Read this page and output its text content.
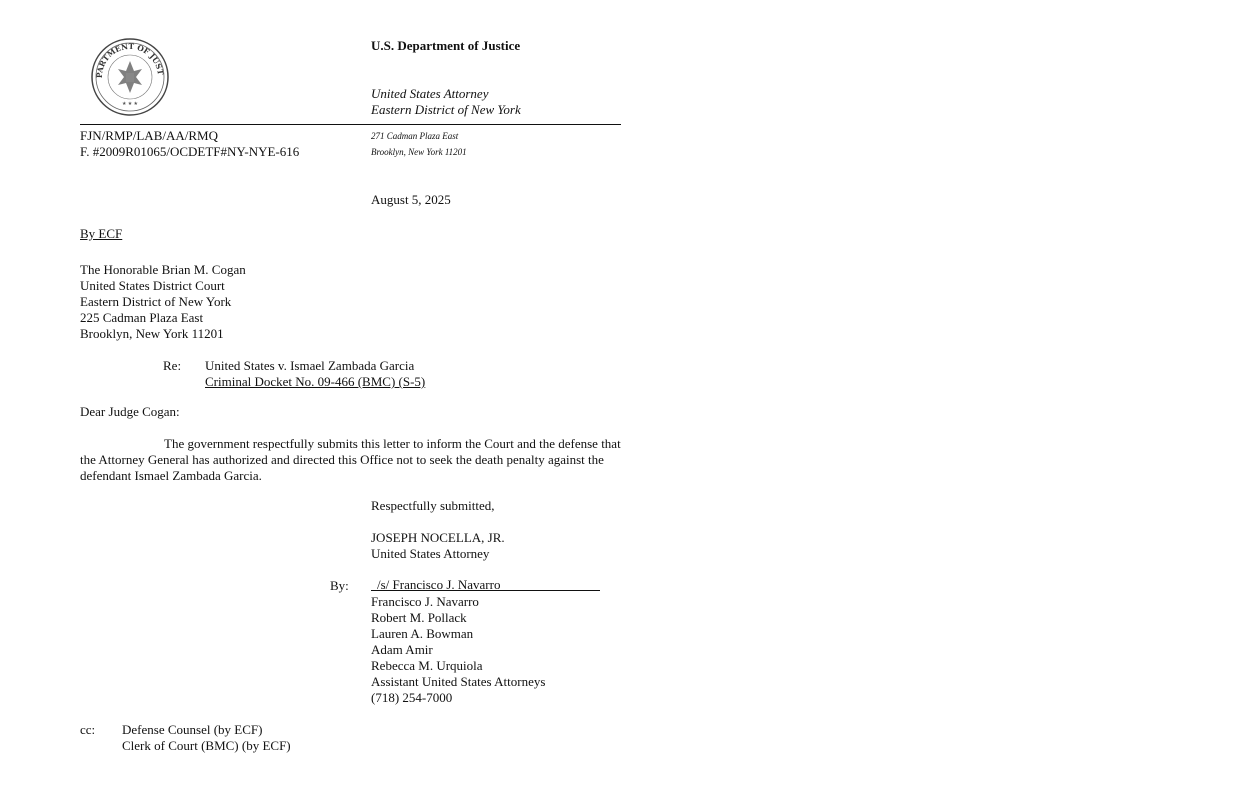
PARTMENT OF JUST
★ ★ ★
U.S. Department of Justice
United States Attorney
Eastern District of New York
FJN/RMP/LAB/AA/RMQ
F. #2009R01065/OCDETF#NY-NYE-616
271 Cadman Plaza East
Brooklyn, New York 11201
August 5, 2025
By ECF
The Honorable Brian M. Cogan
United States District Court
Eastern District of New York
225 Cadman Plaza East
Brooklyn, New York 11201
Re: United States v. Ismael Zambada Garcia
Criminal Docket No. 09-466 (BMC) (S-5)
Dear Judge Cogan:
The government respectfully submits this letter to inform the Court and the defense that the Attorney General has authorized and directed this Office not to seek the death penalty against the defendant Ismael Zambada Garcia.
Respectfully submitted,
JOSEPH NOCELLA, JR.
United States Attorney
By: /s/ Francisco J. Navarro
Francisco J. Navarro
Robert M. Pollack
Lauren A. Bowman
Adam Amir
Rebecca M. Urquiola
Assistant United States Attorneys
(718) 254-7000
cc: Defense Counsel (by ECF)
Clerk of Court (BMC) (by ECF)
